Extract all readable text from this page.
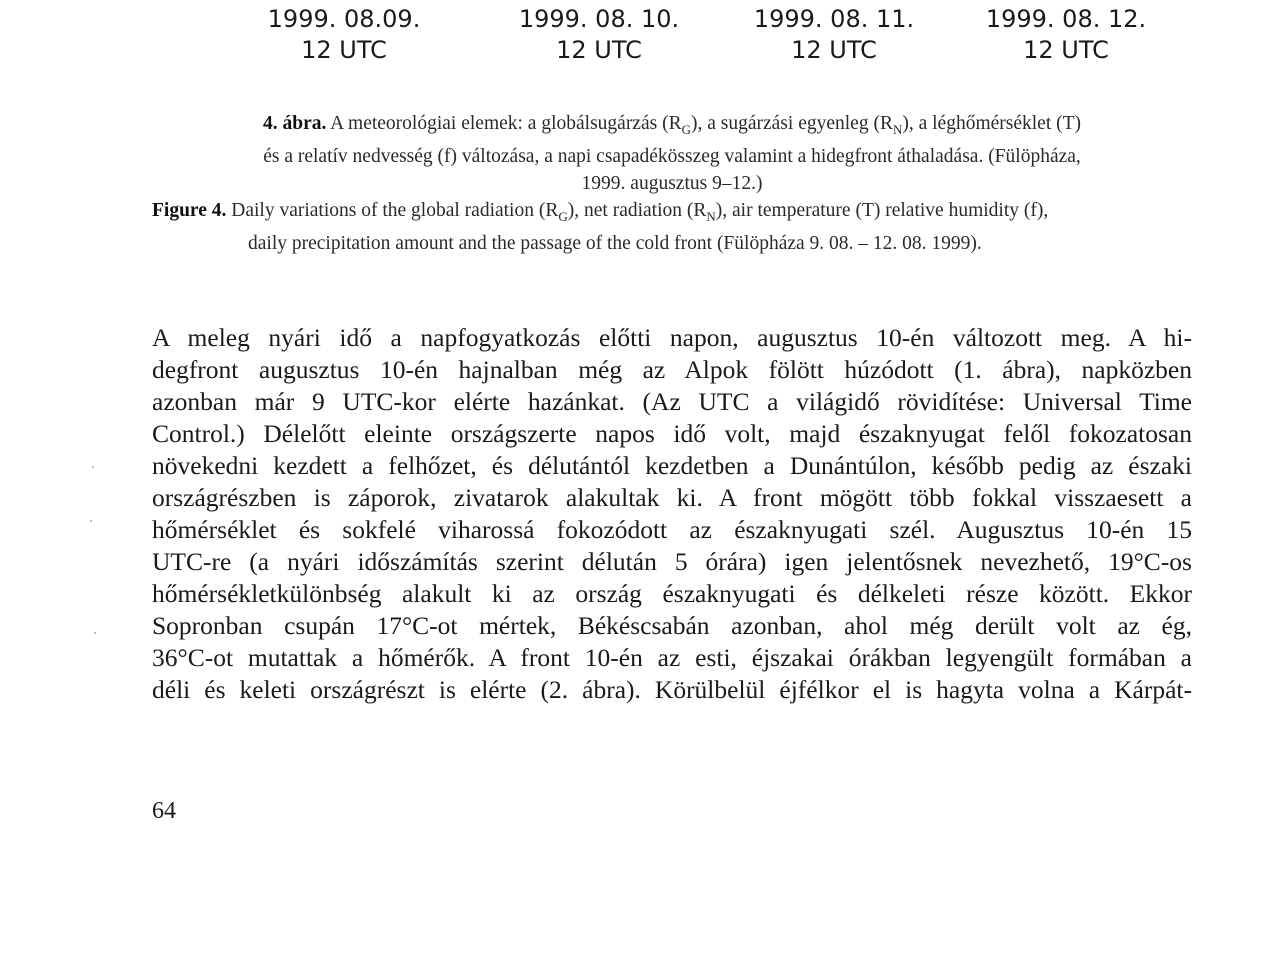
1999. 08.09.
12 UTC
1999. 08. 10.
12 UTC
1999. 08. 11.
12 UTC
1999. 08. 12.
12 UTC

4. ábra. A meteorológiai elemek: a globálsugárzás $(R_G)$, a sugárzási egyenleg $(R_N)$, a léghőmérséklet (T)
és a relatív nedvesség (f) változása, a napi csapadékösszeg valamint a hidegfront áthaladása. (Fülöpháza,
1999. augusztus 9–12.)

Figure 4. Daily variations of the global radiation $(R_G)$, net radiation $(R_N)$, air temperature (T) relative humidity (f),
daily precipitation amount and the passage of the cold front (Fülöpháza 9. 08. – 12. 08. 1999).

A meleg nyári idő a napfogyatkozás előtti napon, augusztus 10-én változott meg. A hi-
degfront augusztus 10-én hajnalban még az Alpok fölött húzódott (1. ábra), napközben
azonban már 9 UTC-kor elérte hazánkat. (Az UTC a világidő rövidítése: Universal Time
Control.) Délelőtt eleinte országszerte napos idő volt, majd északnyugat felől fokozatosan
növekedni kezdett a felhőzet, és délutántól kezdetben a Dunántúlon, később pedig az északi
országrészben is záporok, zivatarok alakultak ki. A front mögött több fokkal visszaesett a
hőmérséklet és sokfelé viharossá fokozódott az északnyugati szél. Augusztus 10-én 15
UTC-re (a nyári időszámítás szerint délután 5 órára) igen jelentősnek nevezhető, 19°C-os
hőmérsékletkülönbség alakult ki az ország északnyugati és délkeleti része között. Ekkor
Sopronban csupán 17°C-ot mértek, Békéscsabán azonban, ahol még derült volt az ég,
36°C-ot mutattak a hőmérők. A front 10-én az esti, éjszakai órákban legyengült formában a
déli és keleti országrészt is elérte (2. ábra). Körülbelül éjfélkor el is hagyta volna a Kárpát-

64
